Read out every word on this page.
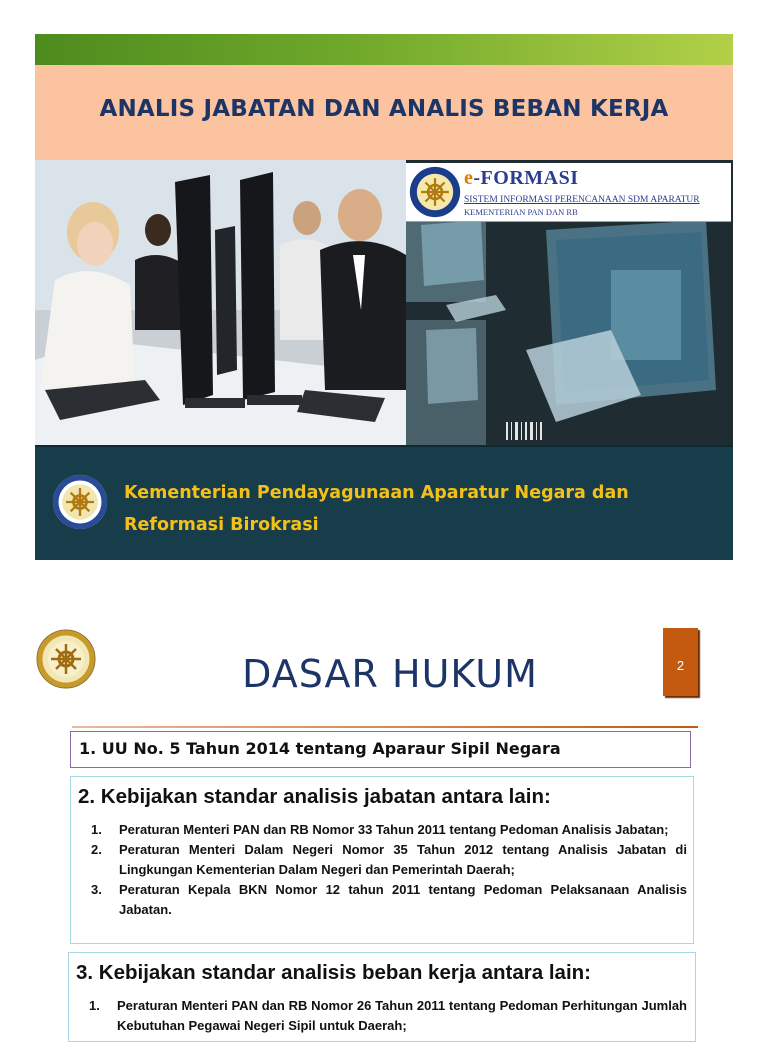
ANALIS JABATAN DAN ANALIS BEBAN KERJA
e-FORMASI
SISTEM INFORMASI PERENCANAAN SDM APARATUR
KEMENTERIAN PAN DAN RB

Kementerian Pendayagunaan Aparatur Negara dan
Reformasi Birokrasi

DASAR HUKUM	2

1. UU No. 5 Tahun 2014 tentang Aparaur Sipil Negara

2. Kebijakan standar analisis jabatan antara lain:

1. Peraturan Menteri PAN dan RB Nomor 33 Tahun 2011 tentang Pedoman Analisis Jabatan;
2. Peraturan Menteri Dalam Negeri Nomor 35 Tahun 2012 tentang Analisis Jabatan di Lingkungan Kementerian Dalam Negeri dan Pemerintah Daerah;
3. Peraturan Kepala BKN Nomor 12 tahun 2011 tentang Pedoman Pelaksanaan Analisis Jabatan.

3. Kebijakan standar analisis beban kerja antara lain:

1. Peraturan Menteri PAN dan RB Nomor 26 Tahun 2011 tentang Pedoman Perhitungan Jumlah Kebutuhan Pegawai Negeri Sipil untuk Daerah;
